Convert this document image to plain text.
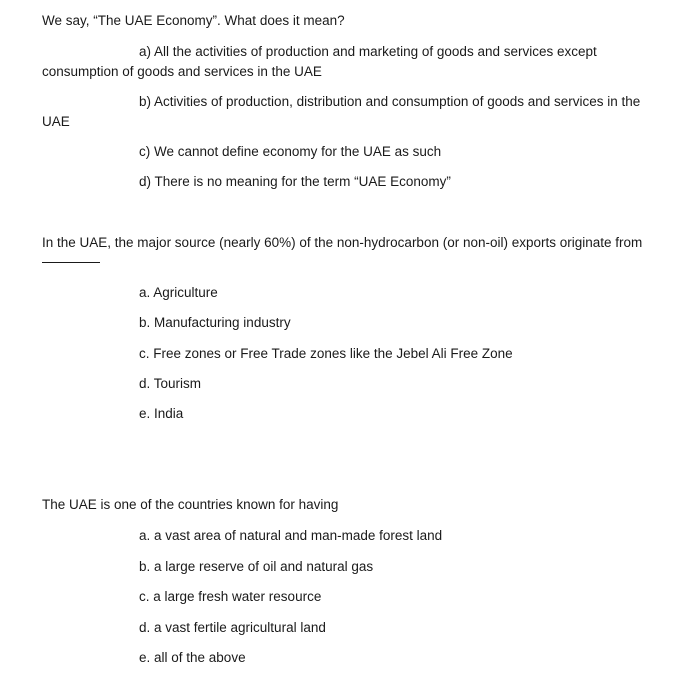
We say, “The UAE Economy”. What does it mean?
a) All the activities of production and marketing of goods and services except
consumption of goods and services in the UAE
b) Activities of production, distribution and consumption of goods and services in the
UAE
c) We cannot define economy for the UAE as such
d) There is no meaning for the term “UAE Economy”
In the UAE, the major source (nearly 60%) of the non-hydrocarbon (or non-oil) exports originate from
a. Agriculture
b. Manufacturing industry
c. Free zones or Free Trade zones like the Jebel Ali Free Zone
d. Tourism
e. India
The UAE is one of the countries known for having
a. a vast area of natural and man-made forest land
b. a large reserve of oil and natural gas
c. a large fresh water resource
d. a vast fertile agricultural land
e. all of the above
